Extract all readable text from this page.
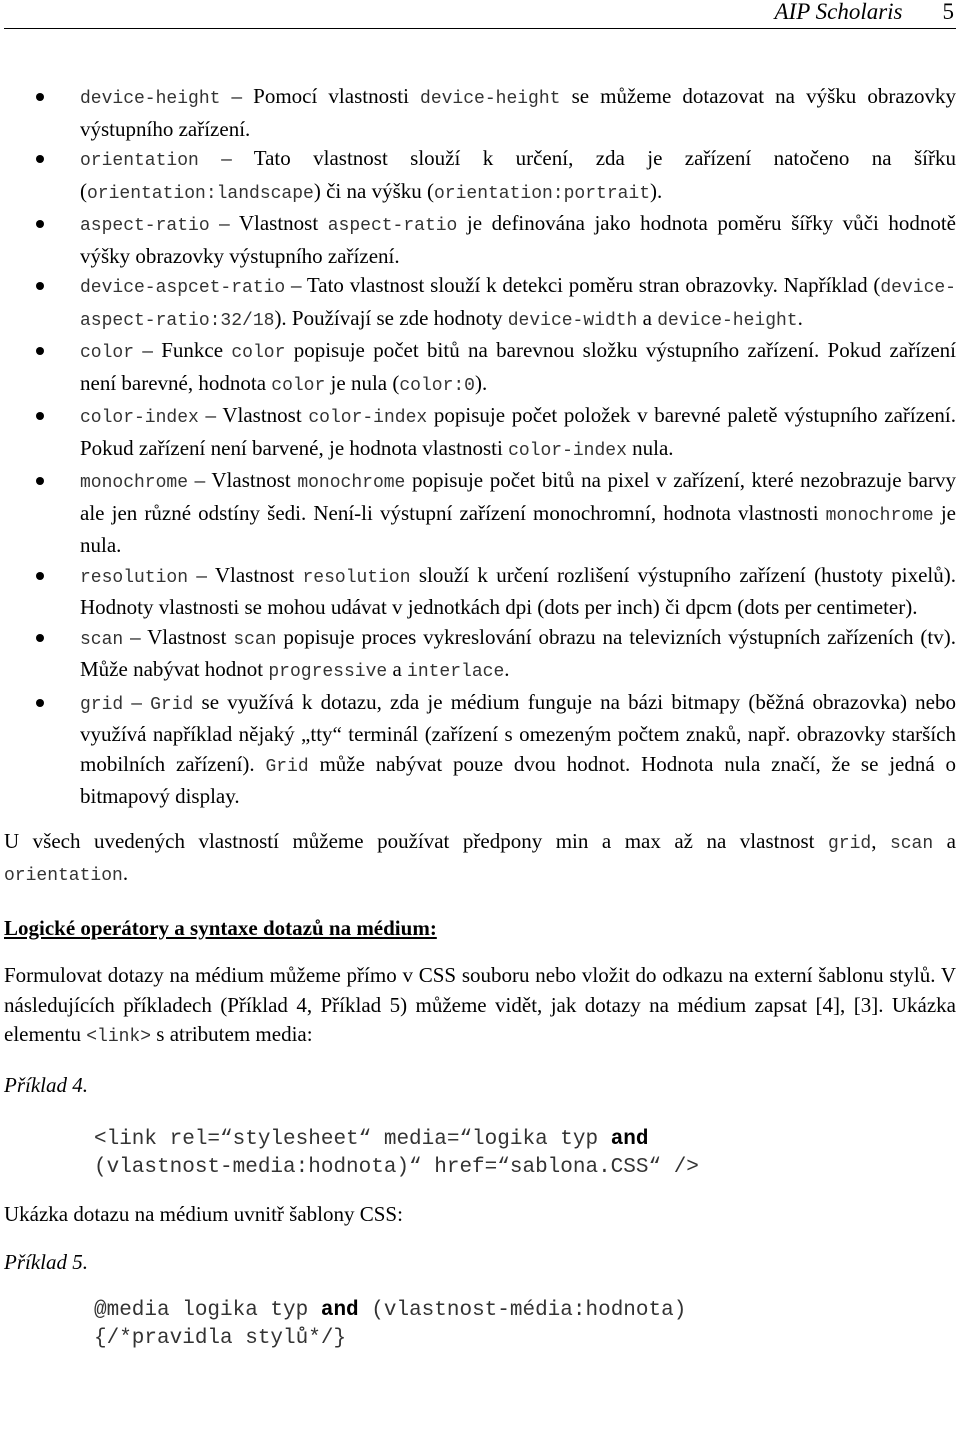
AIP Scholaris 5
device-height – Pomocí vlastnosti device-height se můžeme dotazovat na výšku obrazovky výstupního zařízení.
orientation – Tato vlastnost slouží k určení, zda je zařízení natočeno na šířku (orientation:landscape) či na výšku (orientation:portrait).
aspect-ratio – Vlastnost aspect-ratio je definována jako hodnota poměru šířky vůči hodnotě výšky obrazovky výstupního zařízení.
device-aspcet-ratio – Tato vlastnost slouží k detekci poměru stran obrazovky. Například (device-aspect-ratio:32/18). Používají se zde hodnoty device-width a device-height.
color – Funkce color popisuje počet bitů na barevnou složku výstupního zařízení. Pokud zařízení není barevné, hodnota color je nula (color:0).
color-index – Vlastnost color-index popisuje počet položek v barevné paletě výstupního zařízení. Pokud zařízení není barvené, je hodnota vlastnosti color-index nula.
monochrome – Vlastnost monochrome popisuje počet bitů na pixel v zařízení, které nezobrazuje barvy ale jen různé odstíny šedi. Není-li výstupní zařízení monochromní, hodnota vlastnosti monochrome je nula.
resolution – Vlastnost resolution slouží k určení rozlišení výstupního zařízení (hustoty pixelů). Hodnoty vlastnosti se mohou udávat v jednotkách dpi (dots per inch) či dpcm (dots per centimeter).
scan – Vlastnost scan popisuje proces vykreslování obrazu na televizních výstupních zařízeních (tv). Může nabývat hodnot progressive a interlace.
grid – Grid se využívá k dotazu, zda je médium funguje na bázi bitmapy (běžná obrazovka) nebo využívá například nějaký „tty“ terminál (zařízení s omezeným počtem znaků, např. obrazovky starších mobilních zařízení). Grid může nabývat pouze dvou hodnot. Hodnota nula značí, že se jedná o bitmapový display.

U všech uvedených vlastností můžeme používat předpony min a max až na vlastnost grid, scan a orientation.

Logické operátory a syntaxe dotazů na médium:

Formulovat dotazy na médium můžeme přímo v CSS souboru nebo vložit do odkazu na externí šablonu stylů. V následujících příkladech (Příklad 4, Příklad 5) můžeme vidět, jak dotazy na médium zapsat [4], [3]. Ukázka elementu <link> s atributem media:

Příklad 4.

<link rel=“stylesheet“ media=“logika typ and
(vlastnost-media:hodnota)“ href=“sablona.CSS“ />

Ukázka dotazu na médium uvnitř šablony CSS:

Příklad 5.

@media logika typ and (vlastnost-média:hodnota)
{/*pravidla stylů*/}
